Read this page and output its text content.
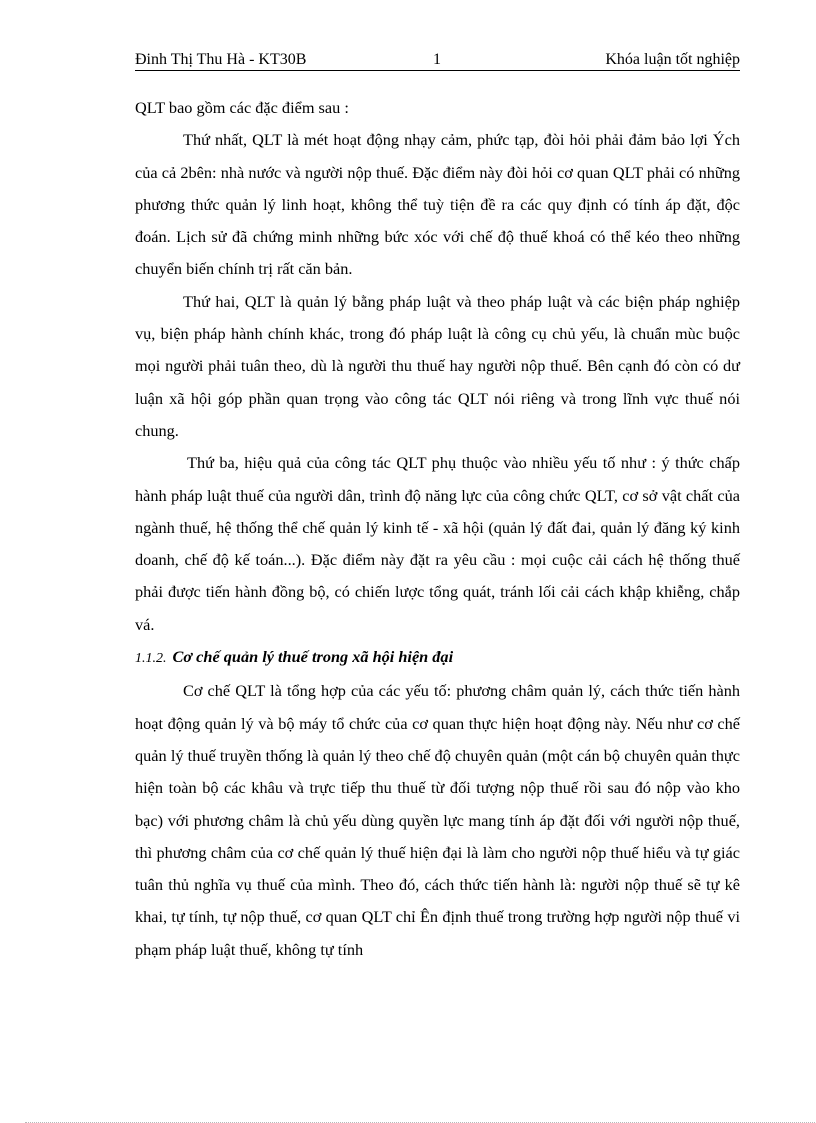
Đinh Thị Thu Hà - KT30B	1	Khóa luận tốt nghiệp

QLT bao gồm các đặc điểm sau :

Thứ nhất, QLT là mét hoạt động nhạy cảm, phức tạp, đòi hỏi phải đảm bảo lợi Ých của cả 2bên: nhà nước và người nộp thuế. Đặc điểm này đòi hỏi cơ quan QLT phải có những phương thức quản lý linh hoạt, không thể tuỳ tiện đề ra các quy định có tính áp đặt, độc đoán. Lịch sử đã chứng minh những bức xóc với chế độ thuế khoá có thể kéo theo những chuyển biến chính trị rất căn bản.

Thứ hai, QLT là quản lý bằng pháp luật và theo pháp luật và các biện pháp nghiệp vụ, biện pháp hành chính khác, trong đó pháp luật là công cụ chủ yếu, là chuẩn mùc buộc mọi người phải tuân theo, dù là người thu thuế hay người nộp thuế. Bên cạnh đó còn có dư luận xã hội góp phần quan trọng vào công tác QLT nói riêng và trong lĩnh vực thuế nói chung.

Thứ ba, hiệu quả của công tác QLT phụ thuộc vào nhiều yếu tố như : ý thức chấp hành pháp luật thuế của người dân, trình độ năng lực của công chức QLT, cơ sở vật chất của ngành thuế, hệ thống thể chế quản lý kinh tế - xã hội (quản lý đất đai, quản lý đăng ký kinh doanh, chế độ kế toán...). Đặc điểm này đặt ra yêu cầu : mọi cuộc cải cách hệ thống thuế phải được tiến hành đồng bộ, có chiến lược tổng quát, tránh lối cải cách khập khiễng, chắp vá.

1.1.2. Cơ chế quản lý thuế trong xã hội hiện đại

Cơ chế QLT là tổng hợp của các yếu tố: phương châm quản lý, cách thức tiến hành hoạt động quản lý và bộ máy tổ chức của cơ quan thực hiện hoạt động này. Nếu như cơ chế quản lý thuế truyền thống là quản lý theo chế độ chuyên quản (một cán bộ chuyên quản thực hiện toàn bộ các khâu và trực tiếp thu thuế từ đối tượng nộp thuế rồi sau đó nộp vào kho bạc) với phương châm là chủ yếu dùng quyền lực mang tính áp đặt đối với người nộp thuế, thì phương châm của cơ chế quản lý thuế hiện đại là làm cho người nộp thuế hiểu và tự giác tuân thủ nghĩa vụ thuế của mình. Theo đó, cách thức tiến hành là: người nộp thuế sẽ tự kê khai, tự tính, tự nộp thuế, cơ quan QLT chỉ Ên định thuế trong trường hợp người nộp thuế vi phạm pháp luật thuế, không tự tính
